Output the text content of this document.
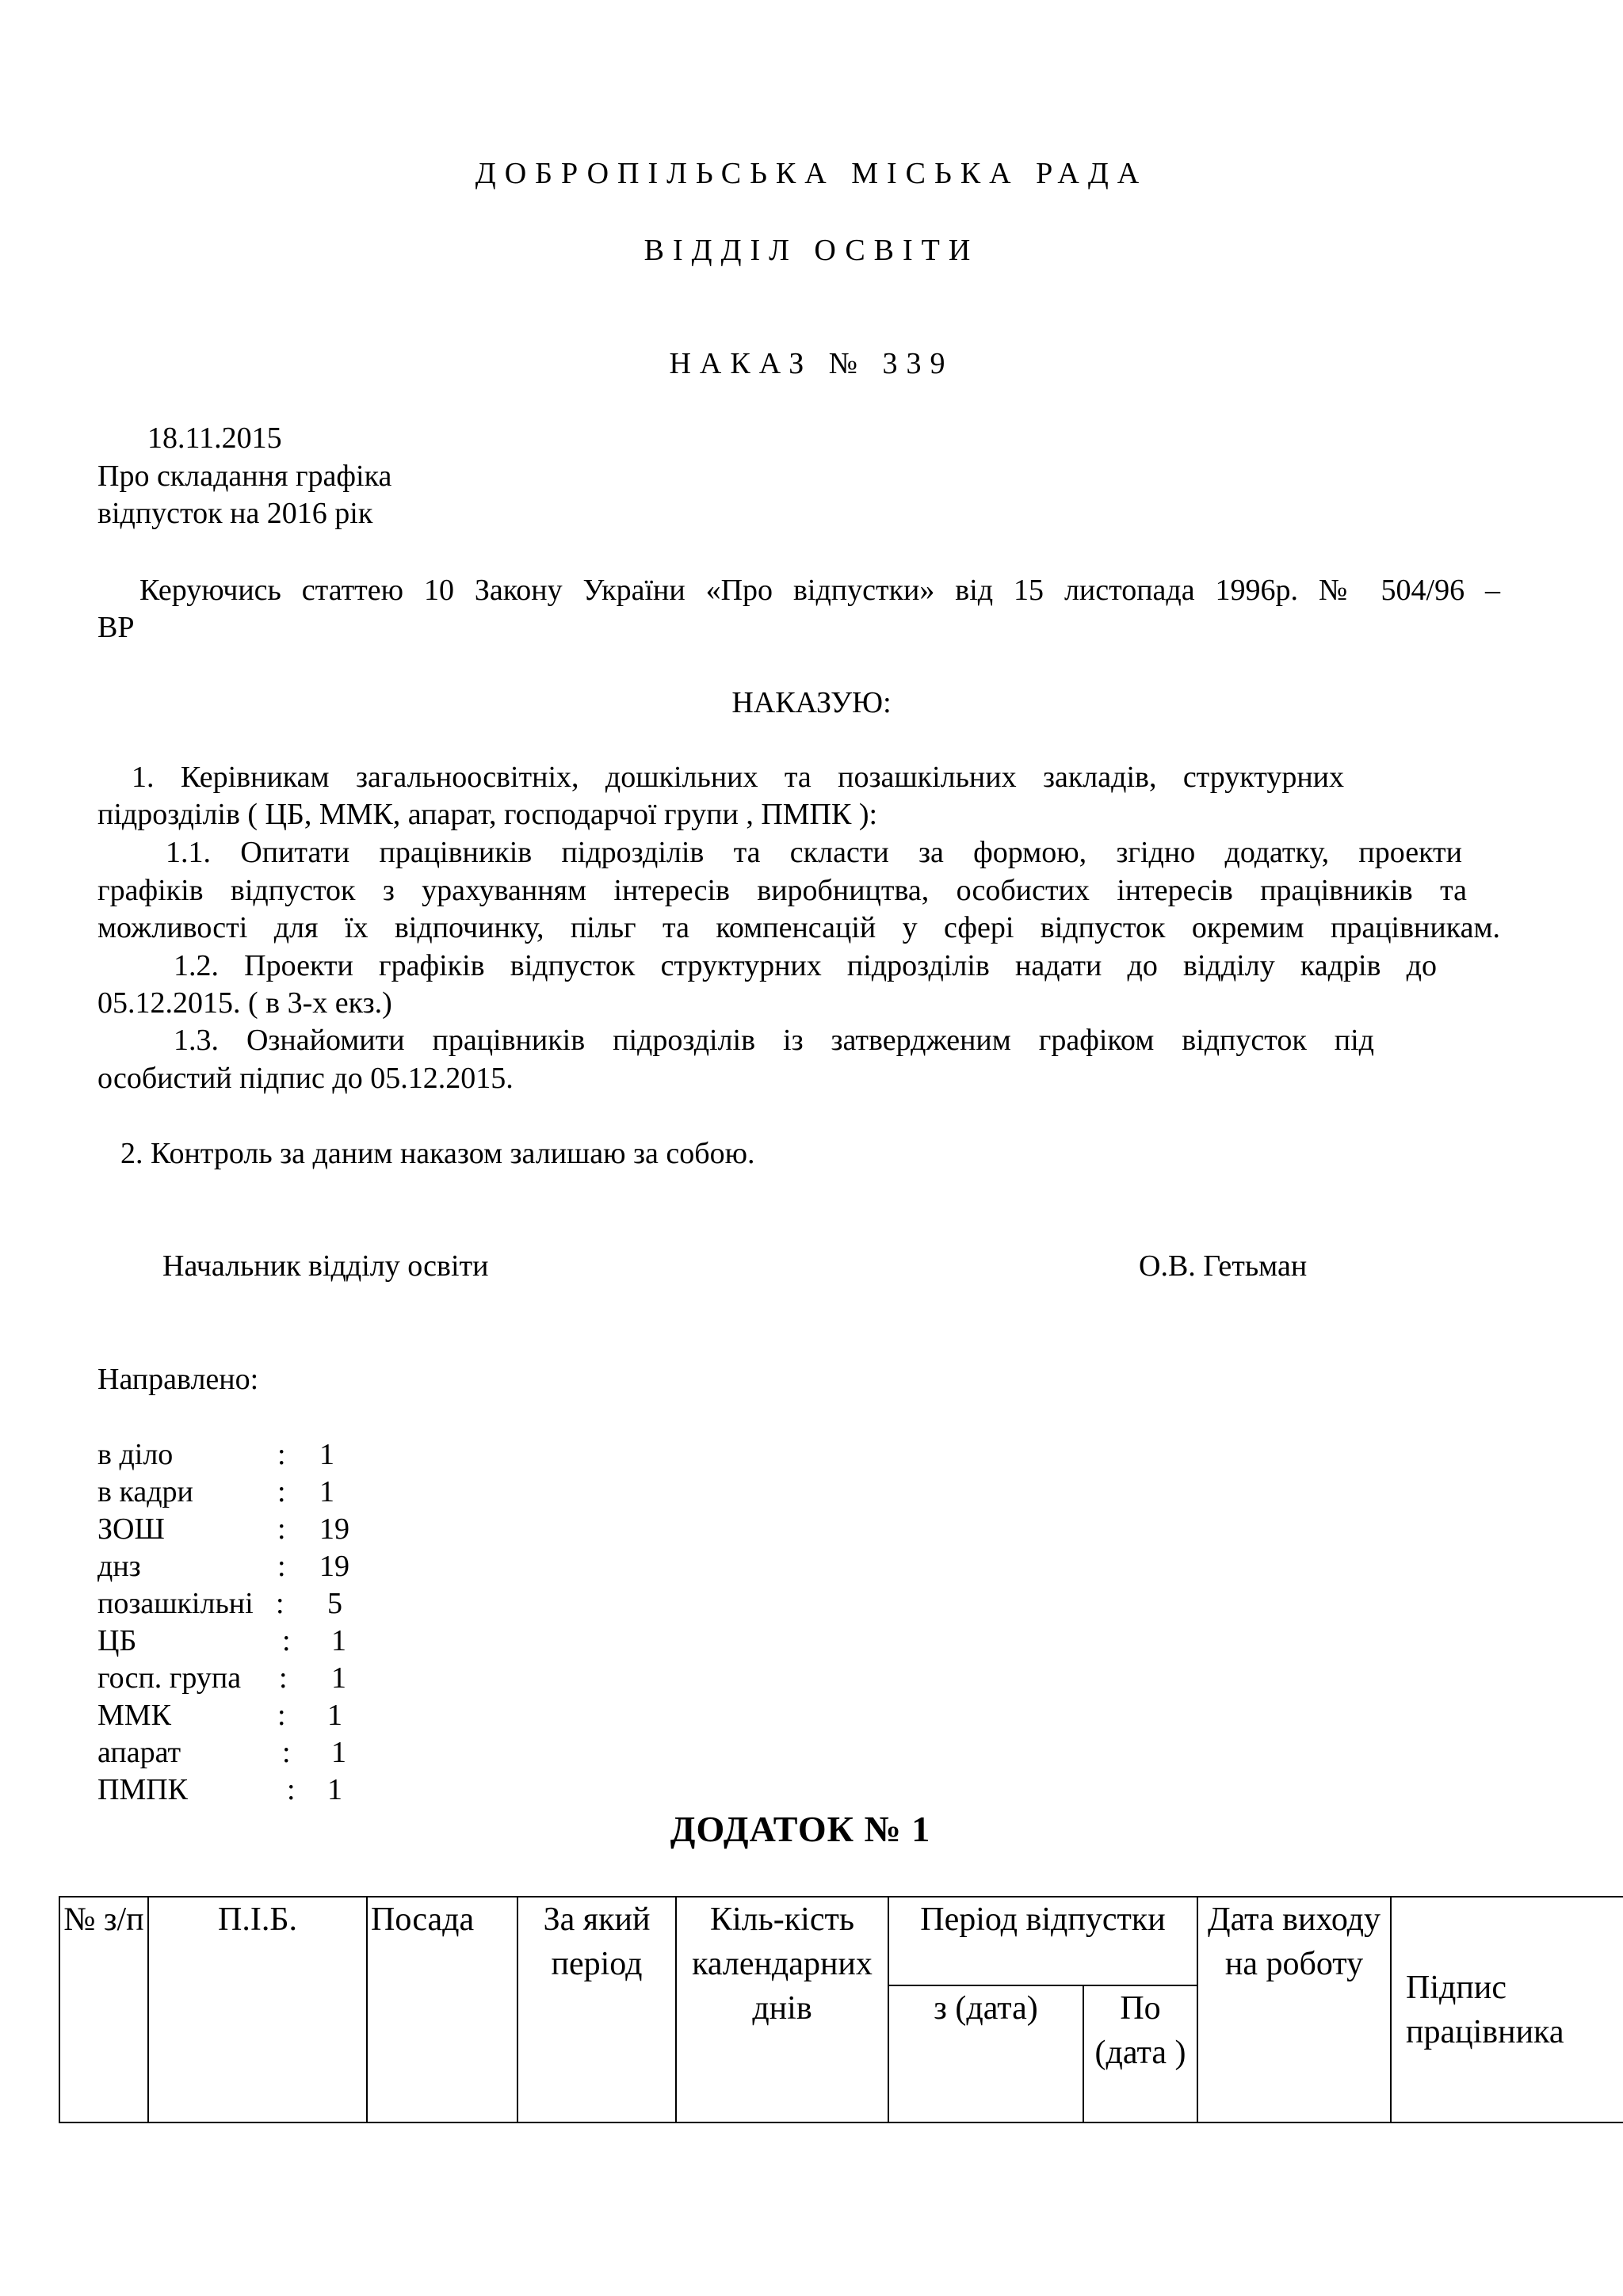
ДОБРОПІЛЬСЬКА МІСЬКА РАДА
ВІДДІЛ ОСВІТИ
НАКАЗ № 339
18.11.2015
Про складання графіка
відпусток на 2016 рік
Керуючись статтею 10 Закону України «Про відпустки» від 15 листопада 1996р. № 504/96 –
ВР
НАКАЗУЮ:
1. Керівникам загальноосвітніх, дошкільних та позашкільних закладів, структурних
підрозділів ( ЦБ, ММК, апарат, господарчої групи , ПМПК ):
1.1. Опитати працівників підрозділів та скласти за формою, згідно додатку, проекти
графіків відпусток з урахуванням інтересів виробництва, особистих інтересів працівників та
можливості для їх відпочинку, пільг та компенсацій у сфері відпусток окремим працівникам.
1.2. Проекти графіків відпусток структурних підрозділів надати до відділу кадрів до
05.12.2015. ( в 3-х екз.)
1.3. Ознайомити працівників підрозділів із затвердженим графіком відпусток під
особистий підпис до 05.12.2015.
2. Контроль за даним наказом залишаю за собою.
Начальник відділу освіти	О.В. Гетьман
Направлено:
в діло	: 1
в кадри	: 1
ЗОШ	: 19
днз	: 19
позашкільні : 5
ЦБ	: 1
госп. група : 1
ММК	: 1
апарат	: 1
ПМПК	: 1
ДОДАТОК № 1
№ з/п	П.І.Б.	Посада	За який період	Кіль-кість календарних днів	Період відпустки		Дата виходу на роботу	Підпис працівника
					з (дата)	По (дата )		
